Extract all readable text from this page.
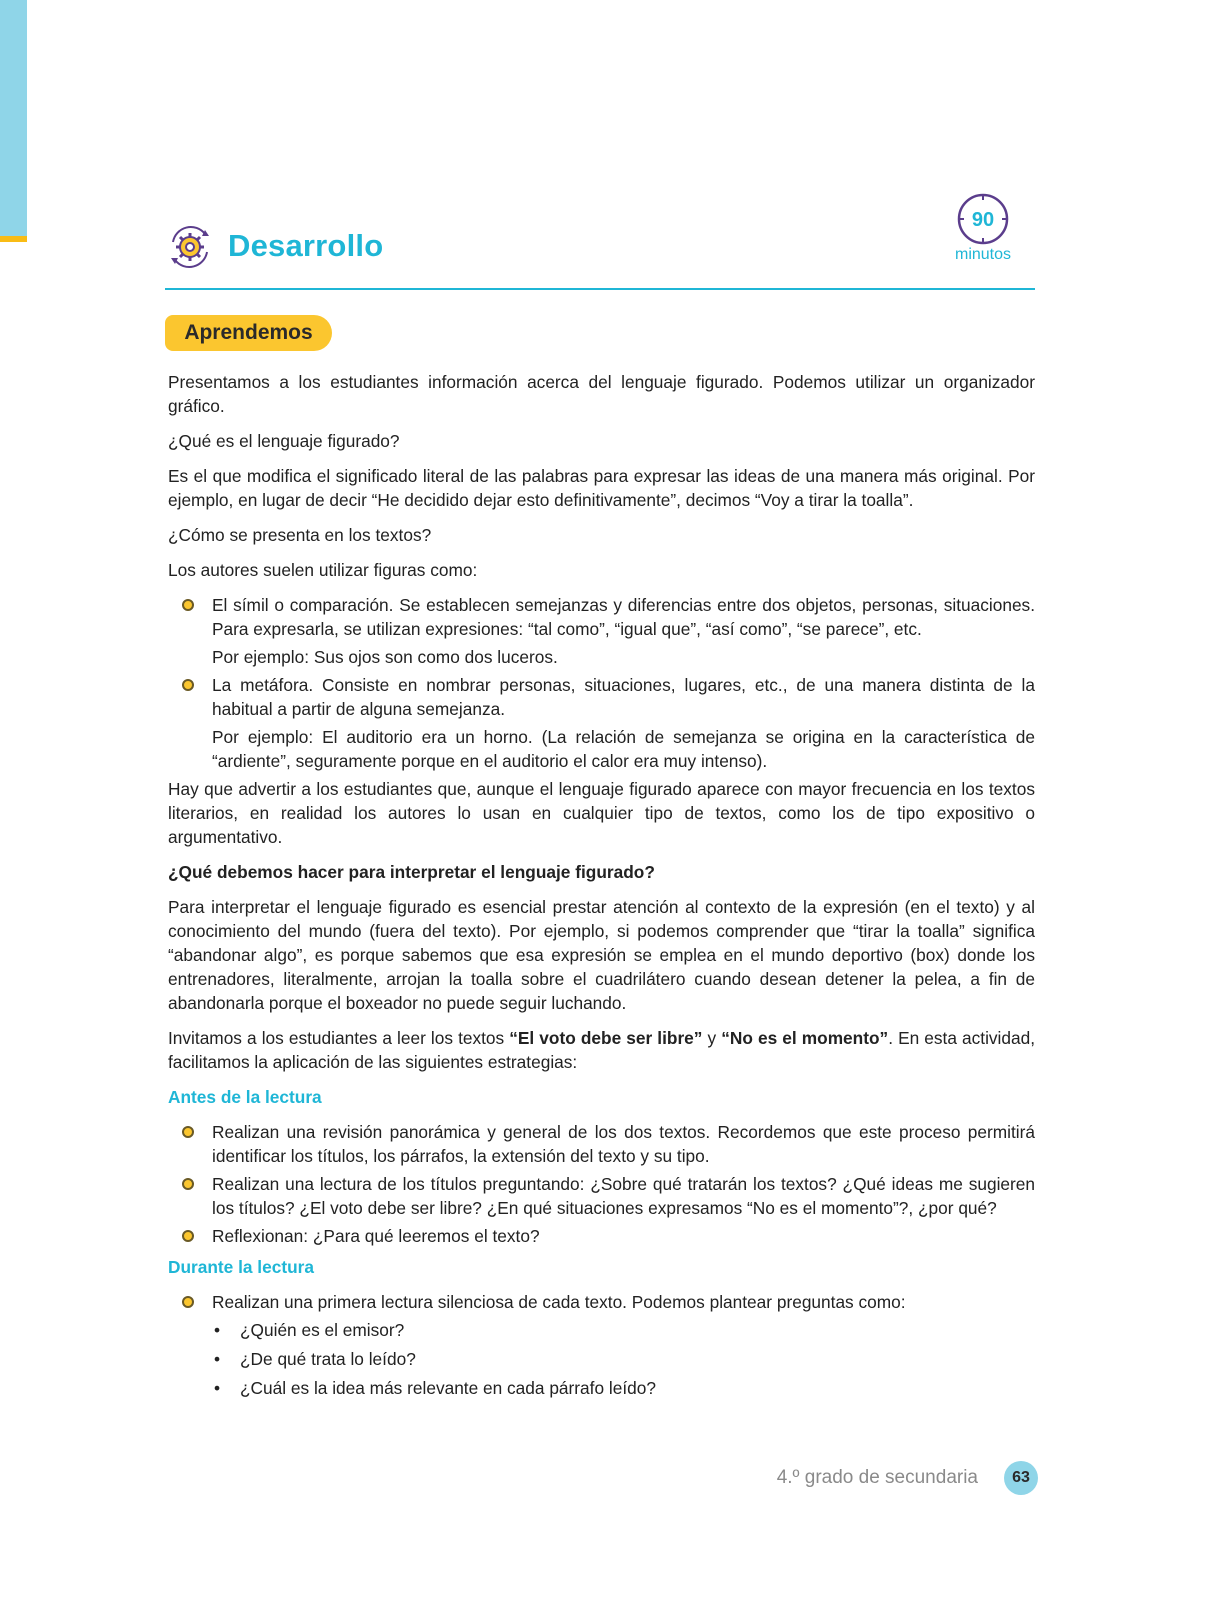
Desarrollo
90
minutos
Aprendemos

Presentamos a los estudiantes información acerca del lenguaje figurado. Podemos utilizar un organizador gráfico.

¿Qué es el lenguaje figurado?

Es el que modifica el significado literal de las palabras para expresar las ideas de una manera más original. Por ejemplo, en lugar de decir “He decidido dejar esto definitivamente”, decimos “Voy a tirar la toalla”.

¿Cómo se presenta en los textos?

Los autores suelen utilizar figuras como:

El símil o comparación. Se establecen semejanzas y diferencias entre dos objetos, personas, situaciones. Para expresarla, se utilizan expresiones: “tal como”, “igual que”, “así como”, “se parece”, etc.
Por ejemplo: Sus ojos son como dos luceros.
La metáfora. Consiste en nombrar personas, situaciones, lugares, etc., de una manera distinta de la habitual a partir de alguna semejanza.
Por ejemplo: El auditorio era un horno. (La relación de semejanza se origina en la característica de “ardiente”, seguramente porque en el auditorio el calor era muy intenso).

Hay que advertir a los estudiantes que, aunque el lenguaje figurado aparece con mayor frecuencia en los textos literarios, en realidad los autores lo usan en cualquier tipo de textos, como los de tipo expositivo o argumentativo.

¿Qué debemos hacer para interpretar el lenguaje figurado?

Para interpretar el lenguaje figurado es esencial prestar atención al contexto de la expresión (en el texto) y al conocimiento del mundo (fuera del texto). Por ejemplo, si podemos comprender que “tirar la toalla” significa “abandonar algo”, es porque sabemos que esa expresión se emplea en el mundo deportivo (box) donde los entrenadores, literalmente, arrojan la toalla sobre el cuadrilátero cuando desean detener la pelea, a fin de abandonarla porque el boxeador no puede seguir luchando.

Invitamos a los estudiantes a leer los textos “El voto debe ser libre” y “No es el momento”. En esta actividad, facilitamos la aplicación de las siguientes estrategias:

Antes de la lectura
Realizan una revisión panorámica y general de los dos textos. Recordemos que este proceso permitirá identificar los títulos, los párrafos, la extensión del texto y su tipo.
Realizan una lectura de los títulos preguntando: ¿Sobre qué tratarán los textos? ¿Qué ideas me sugieren los títulos? ¿El voto debe ser libre? ¿En qué situaciones expresamos “No es el momento”?, ¿por qué?
Reflexionan: ¿Para qué leeremos el texto?
Durante la lectura
Realizan una primera lectura silenciosa de cada texto. Podemos plantear preguntas como:
• ¿Quién es el emisor?
• ¿De qué trata lo leído?
• ¿Cuál es la idea más relevante en cada párrafo leído?
4.º grado de secundaria	63
